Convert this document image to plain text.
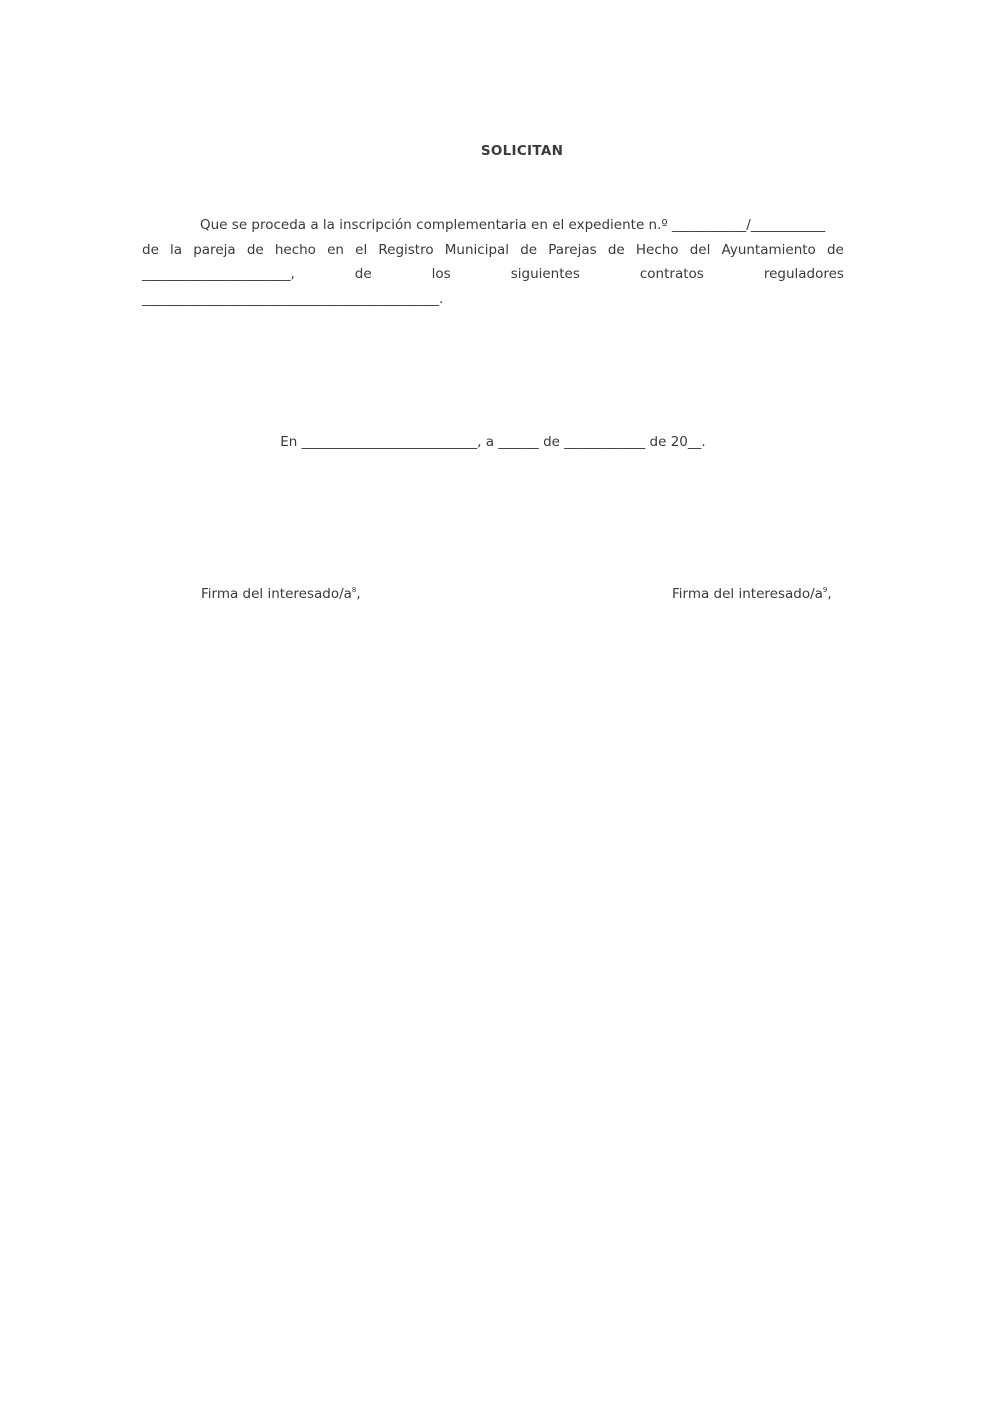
SOLICITAN
Que se proceda a la inscripción complementaria en el expediente n.º ___________/___________
de la pareja de hecho en el Registro Municipal de Parejas de Hecho del Ayuntamiento de
______________________,	de	los	siguientes	contratos	reguladores
____________________________________________.
En __________________________, a ______ de ____________ de 20__.
Firma del interesado/$a^8$,	Firma del interesado/$a^9$,
